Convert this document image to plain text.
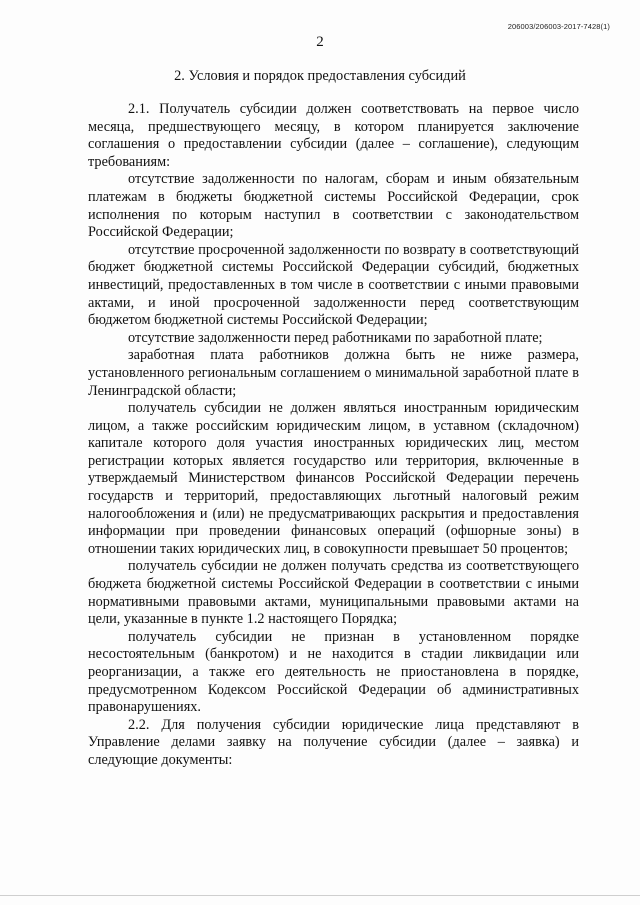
206003/206003-2017-7428(1)
2
2. Условия и порядок предоставления субсидий

2.1. Получатель субсидии должен соответствовать на первое число месяца, предшествующего месяцу, в котором планируется заключение соглашения о предоставлении субсидии (далее – соглашение), следующим требованиям:

отсутствие задолженности по налогам, сборам и иным обязательным платежам в бюджеты бюджетной системы Российской Федерации, срок исполнения по которым наступил в соответствии с законодательством Российской Федерации;

отсутствие просроченной задолженности по возврату в соответствующий бюджет бюджетной системы Российской Федерации субсидий, бюджетных инвестиций, предоставленных в том числе в соответствии с иными правовыми актами, и иной просроченной задолженности перед соответствующим бюджетом бюджетной системы Российской Федерации;

отсутствие задолженности перед работниками по заработной плате;

заработная плата работников должна быть не ниже размера, установленного региональным соглашением о минимальной заработной плате в Ленинградской области;

получатель субсидии не должен являться иностранным юридическим лицом, а также российским юридическим лицом, в уставном (складочном) капитале которого доля участия иностранных юридических лиц, местом регистрации которых является государство или территория, включенные в утверждаемый Министерством финансов Российской Федерации перечень государств и территорий, предоставляющих льготный налоговый режим налогообложения и (или) не предусматривающих раскрытия и предоставления информации при проведении финансовых операций (офшорные зоны) в отношении таких юридических лиц, в совокупности превышает 50 процентов;

получатель субсидии не должен получать средства из соответствующего бюджета бюджетной системы Российской Федерации в соответствии с иными нормативными правовыми актами, муниципальными правовыми актами на цели, указанные в пункте 1.2 настоящего Порядка;

получатель субсидии не признан в установленном порядке несостоятельным (банкротом) и не находится в стадии ликвидации или реорганизации, а также его деятельность не приостановлена в порядке, предусмотренном Кодексом Российской Федерации об административных правонарушениях.

2.2. Для получения субсидии юридические лица представляют в Управление делами заявку на получение субсидии (далее – заявка) и следующие документы:
